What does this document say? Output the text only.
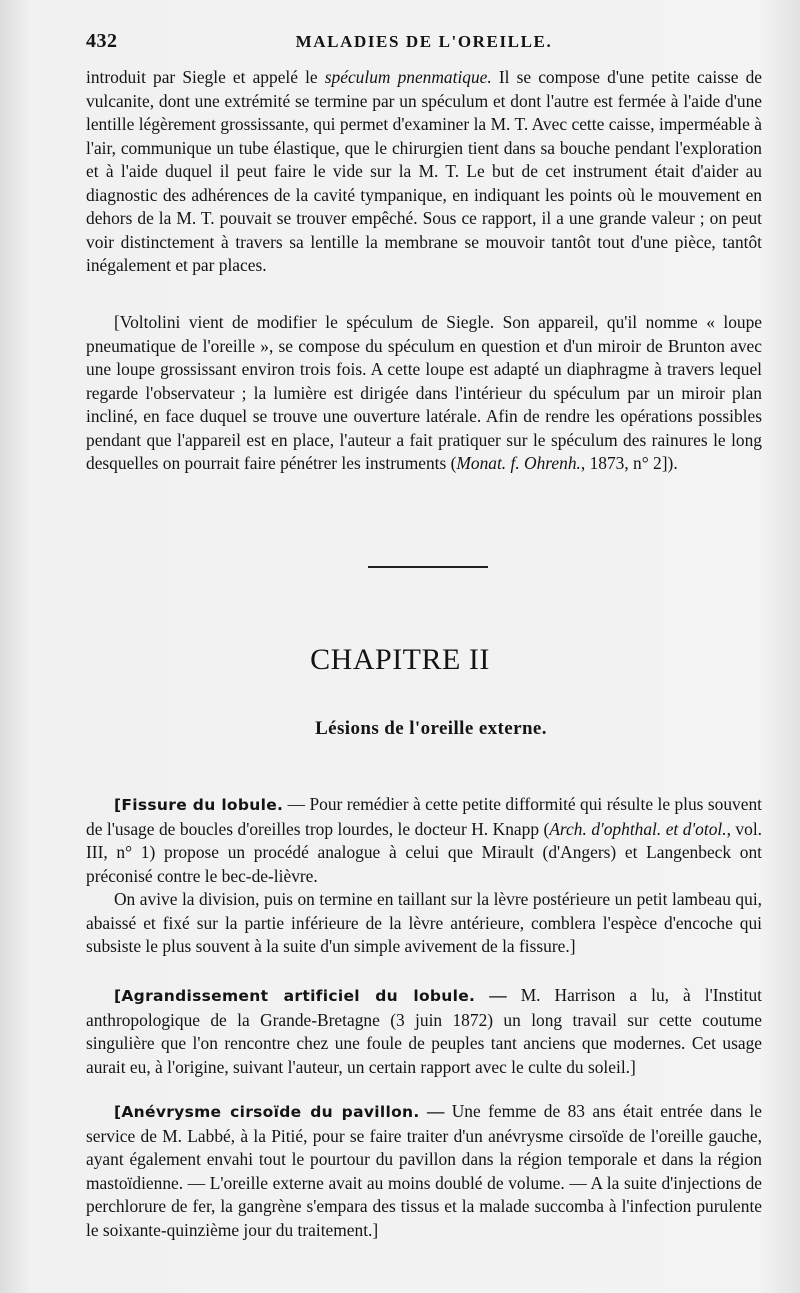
432	MALADIES DE L'OREILLE.

introduit par Siegle et appelé le spéculum pnenmatique. Il se compose d'une petite caisse de vulcanite, dont une extrémité se termine par un spéculum et dont l'autre est fermée à l'aide d'une lentille légèrement grossissante, qui permet d'examiner la M. T. Avec cette caisse, imperméable à l'air, communique un tube élastique, que le chirurgien tient dans sa bouche pendant l'exploration et à l'aide duquel il peut faire le vide sur la M. T. Le but de cet instrument était d'aider au diagnostic des adhérences de la cavité tympanique, en indiquant les points où le mouvement en dehors de la M. T. pouvait se trouver empêché. Sous ce rapport, il a une grande valeur ; on peut voir distinctement à travers sa lentille la membrane se mouvoir tantôt tout d'une pièce, tantôt inégalement et par places.

[Voltolini vient de modifier le spéculum de Siegle. Son appareil, qu'il nomme « loupe pneumatique de l'oreille », se compose du spéculum en question et d'un miroir de Brunton avec une loupe grossissant environ trois fois. A cette loupe est adapté un diaphragme à travers lequel regarde l'observateur ; la lumière est dirigée dans l'intérieur du spéculum par un miroir plan incliné, en face duquel se trouve une ouverture latérale. Afin de rendre les opérations possibles pendant que l'appareil est en place, l'auteur a fait pratiquer sur le spéculum des rainures le long desquelles on pourrait faire pénétrer les instruments (Monat. f. Ohrenh., 1873, n° 2]).

CHAPITRE II
Lésions de l'oreille externe.

[Fissure du lobule. — Pour remédier à cette petite difformité qui résulte le plus souvent de l'usage de boucles d'oreilles trop lourdes, le docteur H. Knapp (Arch. d'ophthal. et d'otol., vol. III, n° 1) propose un procédé analogue à celui que Mirault (d'Angers) et Langenbeck ont préconisé contre le bec-de-lièvre.

On avive la division, puis on termine en taillant sur la lèvre postérieure un petit lambeau qui, abaissé et fixé sur la partie inférieure de la lèvre antérieure, comblera l'espèce d'encoche qui subsiste le plus souvent à la suite d'un simple avivement de la fissure.]

[Agrandissement artificiel du lobule. — M. Harrison a lu, à l'Institut anthropologique de la Grande-Bretagne (3 juin 1872) un long travail sur cette coutume singulière que l'on rencontre chez une foule de peuples tant anciens que modernes. Cet usage aurait eu, à l'origine, suivant l'auteur, un certain rapport avec le culte du soleil.]

[Anévrysme cirsoïde du pavillon. — Une femme de 83 ans était entrée dans le service de M. Labbé, à la Pitié, pour se faire traiter d'un anévrysme cirsoïde de l'oreille gauche, ayant également envahi tout le pourtour du pavillon dans la région temporale et dans la région mastoïdienne. — L'oreille externe avait au moins doublé de volume. — A la suite d'injections de perchlorure de fer, la gangrène s'empara des tissus et la malade succomba à l'infection purulente le soixante-quinzième jour du traitement.]
